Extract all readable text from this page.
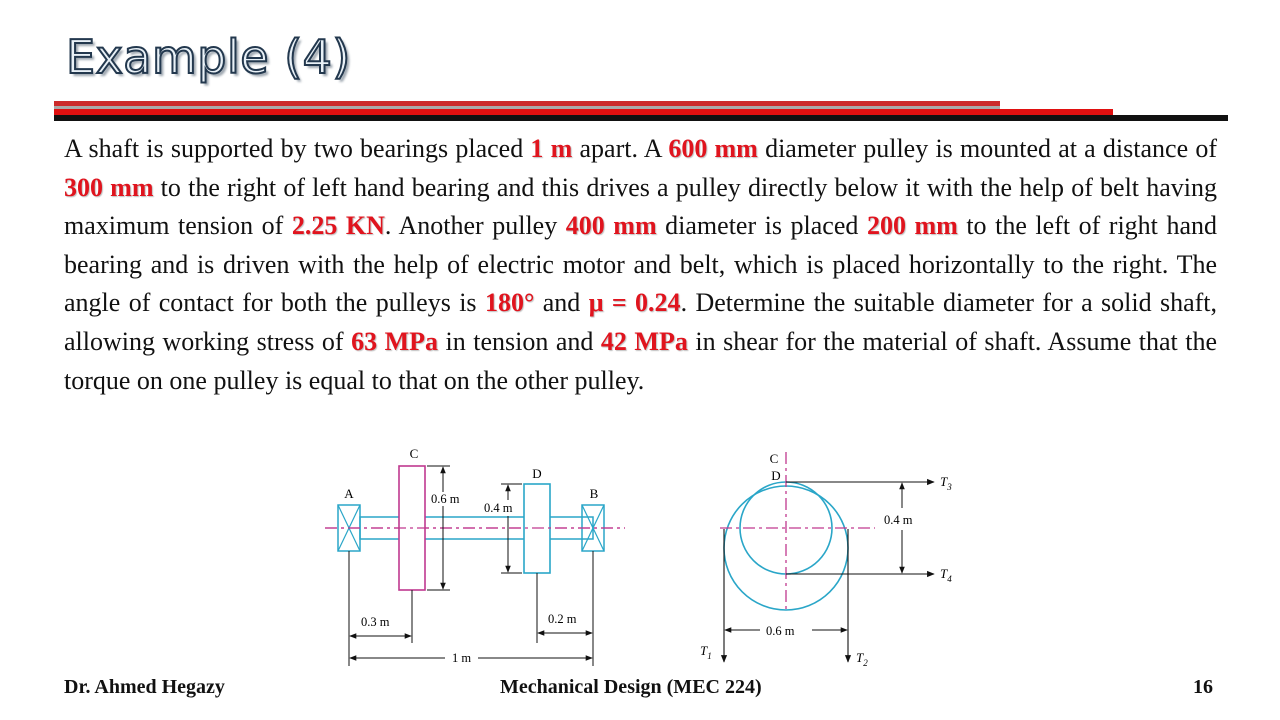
Example (4)
A shaft is supported by two bearings placed 1 m apart. A 600 mm diameter pulley is mounted at a distance of 300 mm to the right of left hand bearing and this drives a pulley directly below it with the help of belt having maximum tension of 2.25 KN. Another pulley 400 mm diameter is placed 200 mm to the left of right hand bearing and is driven with the help of electric motor and belt, which is placed horizontally to the right. The angle of contact for both the pulleys is 180° and μ = 0.24. Determine the suitable diameter for a solid shaft, allowing working stress of 63 MPa in tension and 42 MPa in shear for the material of shaft. Assume that the torque on one pulley is equal to that on the other pulley.
A	B
C
D
0.6 m
0.4 m
0.3 m	0.2 m
1 m
C
D	$T_3$
$T_4$
0.4 m
$T_1$	$T_2$
0.6 m
Dr. Ahmed Hegazy	Mechanical Design (MEC 224)	16
